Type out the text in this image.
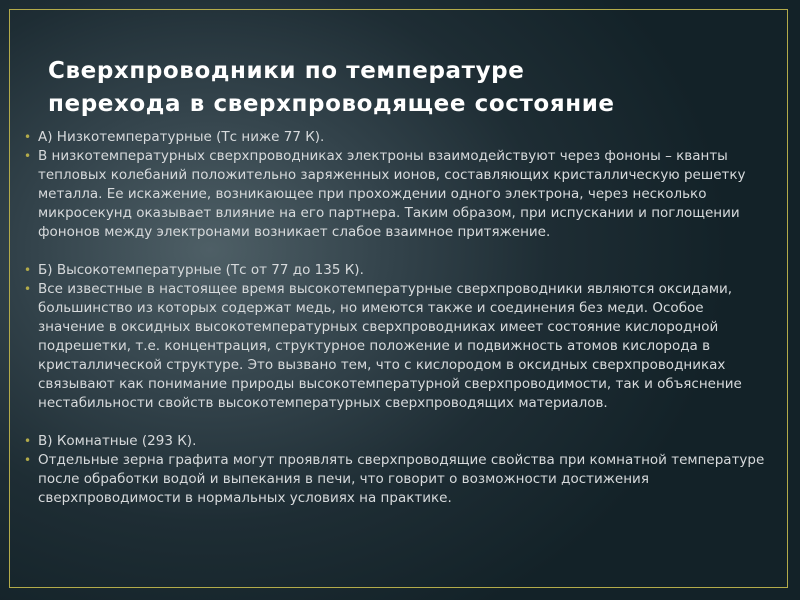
Сверхпроводники по температуре
перехода в сверхпроводящее состояние
• А) Низкотемпературные (Тс ниже 77 К).
• В низкотемпературных сверхпроводниках электроны взаимодействуют через фононы – кванты тепловых колебаний положительно заряженных ионов, составляющих кристаллическую решетку металла. Ее искажение, возникающее при прохождении одного электрона, через несколько микросекунд оказывает влияние на его партнера. Таким образом, при испускании и поглощении фононов между электронами возникает слабое взаимное притяжение.
• Б) Высокотемпературные (Тс от 77 до 135 К).
• Все известные в настоящее время высокотемпературные сверхпроводники являются оксидами, большинство из которых содержат медь, но имеются также и соединения без меди. Особое значение в оксидных высокотемпературных сверхпроводниках имеет состояние кислородной подрешетки, т.е. концентрация, структурное положение и подвижность атомов кислорода в кристаллической структуре. Это вызвано тем, что с кислородом в оксидных сверхпроводниках связывают как понимание природы высокотемпературной сверхпроводимости, так и объяснение нестабильности свойств высокотемпературных сверхпроводящих материалов.
• В) Комнатные (293 К).
• Отдельные зерна графита могут проявлять сверхпроводящие свойства при комнатной температуре после обработки водой и выпекания в печи, что говорит о возможности достижения сверхпроводимости в нормальных условиях на практике.
